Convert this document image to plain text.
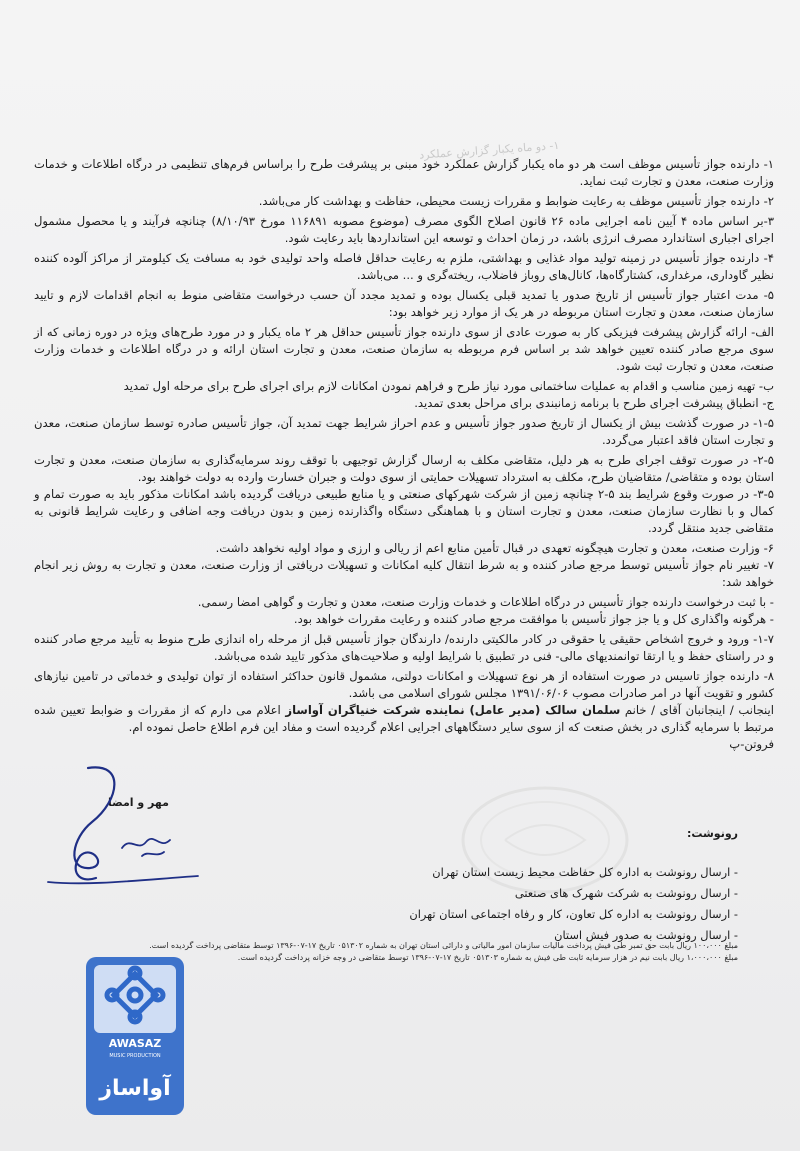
۱- دو ماه یکبار گزارش عملکرد

۱- دارنده جواز تأسیس موظف است هر دو ماه یکبار گزارش عملکرد خود مبنی بر پیشرفت طرح را براساس فرم‌های تنظیمی در درگاه اطلاعات و خدمات وزارت صنعت، معدن و تجارت ثبت نماید.

۲- دارنده جواز تأسیس موظف به رعایت ضوابط و مقررات زیست محیطی، حفاظت و بهداشت کار می‌باشد.

۳-بر اساس ماده ۴ آیین نامه اجرایی ماده ۲۶ قانون اصلاح الگوی مصرف (موضوع مصوبه ۱۱۶۸۹۱ مورخ ۸/۱۰/۹۳) چنانچه فرآیند و یا محصول مشمول اجرای اجباری استاندارد مصرف انرژی باشد، در زمان احداث و توسعه این استانداردها باید رعایت شود.

۴- دارنده جواز تأسیس در زمینه تولید مواد غذایی و بهداشتی، ملزم به رعایت حداقل فاصله واحد تولیدی خود به مسافت یک کیلومتر از مراکز آلوده کننده نظیر گاوداری، مرغداری، کشتارگاه‌ها، کانال‌های روباز فاضلاب، ریخته‌گری و ... می‌باشد.

۵- مدت اعتبار جواز تأسیس از تاریخ صدور یا تمدید قبلی یکسال بوده و تمدید مجدد آن حسب درخواست متقاضی منوط به انجام اقدامات لازم و تایید سازمان صنعت، معدن و تجارت استان مربوطه در هر یک از موارد زیر خواهد بود:

الف- ارائه گزارش پیشرفت فیزیکی کار به صورت عادی از سوی دارنده جواز تأسیس حداقل هر ۲ ماه یکبار و در مورد طرح‌های ویژه در دوره زمانی که از سوی مرجع صادر کننده تعیین خواهد شد بر اساس فرم مربوطه به سازمان صنعت، معدن و تجارت استان ارائه و در درگاه اطلاعات و خدمات وزارت صنعت، معدن و تجارت ثبت شود.

ب- تهیه زمین مناسب و اقدام به عملیات ساختمانی مورد نیاز طرح و فراهم نمودن امکانات لازم برای اجرای طرح برای مرحله اول تمدید

ج- انطباق پیشرفت اجرای طرح با برنامه زمانبندی برای مراحل بعدی تمدید.

۱-۵- در صورت گذشت بیش از یکسال از تاریخ صدور جواز تأسیس و عدم احراز شرایط جهت تمدید آن، جواز تأسیس صادره توسط سازمان صنعت، معدن و تجارت استان فاقد اعتبار می‌گردد.

۲-۵- در صورت توقف اجرای طرح به هر دلیل، متقاضی مکلف به ارسال گزارش توجیهی با توقف روند سرمایه‌گذاری به سازمان صنعت، معدن و تجارت استان بوده و متقاضی/ متقاضیان طرح، مکلف به استرداد تسهیلات حمایتی از سوی دولت و جبران خسارت وارده به دولت خواهند بود.

۳-۵- در صورت وقوع شرایط بند ۵-۲ چنانچه زمین از شرکت شهرکهای صنعتی و یا منابع طبیعی دریافت گردیده باشد امکانات مذکور باید به صورت تمام و کمال و با نظارت سازمان صنعت، معدن و تجارت استان و با هماهنگی دستگاه واگذارنده زمین و بدون دریافت وجه اضافی و رعایت شرایط قانونی به متقاضی جدید منتقل گردد.

۶- وزارت صنعت، معدن و تجارت هیچگونه تعهدی در قبال تأمین منابع اعم از ریالی و ارزی و مواد اولیه نخواهد داشت.

۷- تغییر نام جواز تأسیس توسط مرجع صادر کننده و به شرط انتقال کلیه امکانات و تسهیلات دریافتی از وزارت صنعت، معدن و تجارت به روش زیر انجام خواهد شد:

- با ثبت درخواست دارنده جواز تأسیس در درگاه اطلاعات و خدمات وزارت صنعت، معدن و تجارت و گواهی امضا رسمی.

- هرگونه واگذاری کل و یا جز جواز تأسیس با موافقت مرجع صادر کننده و رعایت مقررات خواهد بود.

۱-۷- ورود و خروج اشخاص حقیقی یا حقوقی در کادر مالکیتی دارنده/ دارندگان جواز تأسیس قبل از مرحله راه اندازی طرح منوط به تأیید مرجع صادر کننده و در راستای حفظ و یا ارتقا توانمندیهای مالی- فنی در تطبیق با شرایط اولیه و صلاحیت‌های مذکور تایید شده می‌باشد.

۸- دارنده جواز تاسیس در صورت استفاده از هر نوع تسهیلات و امکانات دولتی، مشمول قانون حداکثر استفاده از توان تولیدی و خدماتی در تامین نیازهای کشور و تقویت آنها در امر صادرات مصوب ۱۳۹۱/۰۶/۰۶ مجلس شورای اسلامی می باشد.

اینجانب / اینجانبان آقای / خانم سلمان سالک (مدیر عامل) نماینده شرکت خنیاگران آواساز اعلام می دارم که از مقررات و ضوابط تعیین شده مرتبط با سرمایه گذاری در بخش صنعت که از سوی سایر دستگاههای اجرایی اعلام گردیده است و مفاد این فرم اطلاع حاصل نموده ام.

فروتن-پ

مهر و امضا
رونوشت:
- ارسال رونوشت به اداره کل حفاظت محیط زیست استان تهران
- ارسال رونوشت به شرکت شهرک های صنعتی
- ارسال رونوشت به اداره کل تعاون، کار و رفاه اجتماعی استان تهران
- ارسال رونوشت به صدور فیش استان
مبلغ ۱۰۰،۰۰۰ ریال بابت حق تمبر طی فیش پرداخت مالیات سازمان امور مالیاتی و دارائی استان تهران به شماره ۰۵۱۳۰۲ تاریخ ۱۷-۰۷-۱۳۹۶ توسط متقاضی پرداخت گردیده است.
مبلغ ۱،۰۰۰،۰۰۰ ریال بابت نیم در هزار سرمایه ثابت طی فیش به شماره ۰۵۱۳۰۳ تاریخ ۱۷-۰۷-۱۳۹۶ توسط متقاضی در وجه خزانه پرداخت گردیده است.
AWASAZ
MUSIC PRODUCTION
آواساز
